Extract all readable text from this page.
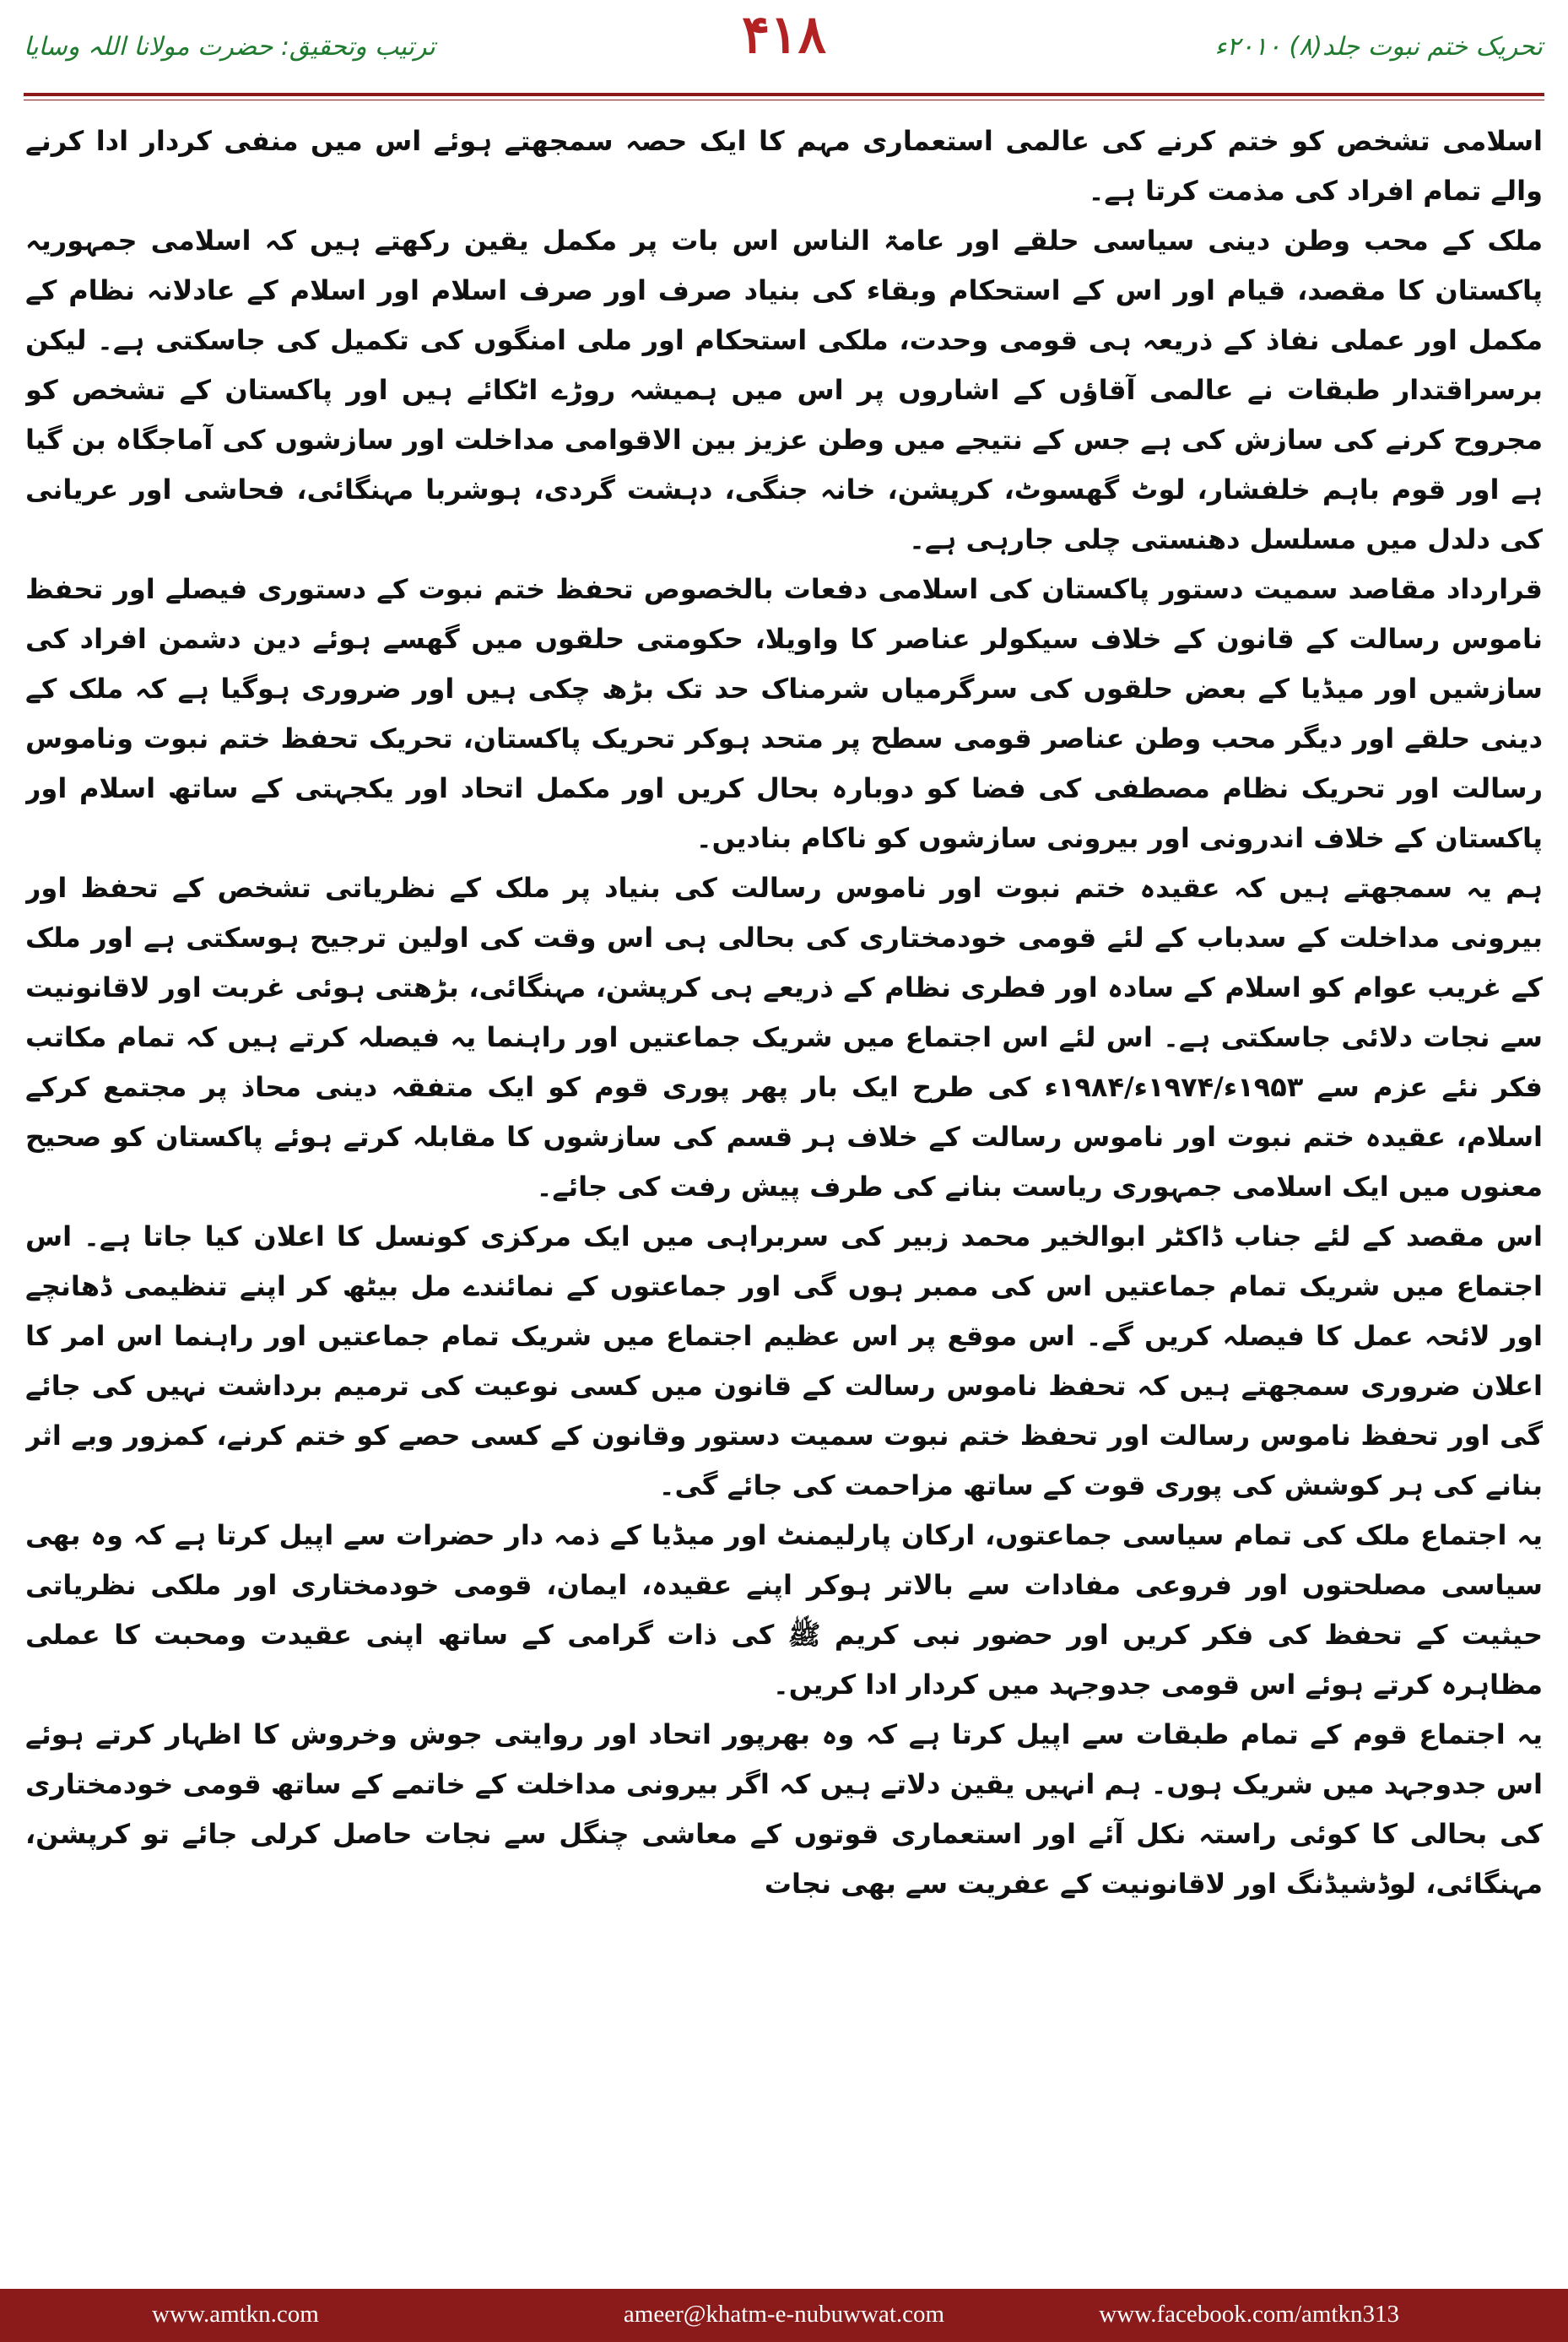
ترتیب وتحقیق: حضرت مولانا اللہ وسایا	۴۱۸	تحریک ختم نبوت جلد(۸) ۲۰۱۰ء

اسلامی تشخص کو ختم کرنے کی عالمی استعماری مہم کا ایک حصہ سمجھتے ہوئے اس میں منفی کردار ادا کرنے والے تمام افراد کی مذمت کرتا ہے۔

ملک کے محب وطن دینی سیاسی حلقے اور عامۃ الناس اس بات پر مکمل یقین رکھتے ہیں کہ اسلامی جمہوریہ پاکستان کا مقصد، قیام اور اس کے استحکام وبقاء کی بنیاد صرف اور صرف اسلام اور اسلام کے عادلانہ نظام کے مکمل اور عملی نفاذ کے ذریعہ ہی قومی وحدت، ملکی استحکام اور ملی امنگوں کی تکمیل کی جاسکتی ہے۔ لیکن برسراقتدار طبقات نے عالمی آقاؤں کے اشاروں پر اس میں ہمیشہ روڑے اٹکائے ہیں اور پاکستان کے تشخص کو مجروح کرنے کی سازش کی ہے جس کے نتیجے میں وطن عزیز بین الاقوامی مداخلت اور سازشوں کی آماجگاہ بن گیا ہے اور قوم باہم خلفشار، لوٹ گھسوٹ، کرپشن، خانہ جنگی، دہشت گردی، ہوشربا مہنگائی، فحاشی اور عریانی کی دلدل میں مسلسل دھنستی چلی جارہی ہے۔

قرارداد مقاصد سمیت دستور پاکستان کی اسلامی دفعات بالخصوص تحفظ ختم نبوت کے دستوری فیصلے اور تحفظ ناموس رسالت کے قانون کے خلاف سیکولر عناصر کا واویلا، حکومتی حلقوں میں گھسے ہوئے دین دشمن افراد کی سازشیں اور میڈیا کے بعض حلقوں کی سرگرمیاں شرمناک حد تک بڑھ چکی ہیں اور ضروری ہوگیا ہے کہ ملک کے دینی حلقے اور دیگر محب وطن عناصر قومی سطح پر متحد ہوکر تحریک پاکستان، تحریک تحفظ ختم نبوت وناموس رسالت اور تحریک نظام مصطفی کی فضا کو دوبارہ بحال کریں اور مکمل اتحاد اور یکجہتی کے ساتھ اسلام اور پاکستان کے خلاف اندرونی اور بیرونی سازشوں کو ناکام بنادیں۔

ہم یہ سمجھتے ہیں کہ عقیدہ ختم نبوت اور ناموس رسالت کی بنیاد پر ملک کے نظریاتی تشخص کے تحفظ اور بیرونی مداخلت کے سدباب کے لئے قومی خودمختاری کی بحالی ہی اس وقت کی اولین ترجیح ہوسکتی ہے اور ملک کے غریب عوام کو اسلام کے سادہ اور فطری نظام کے ذریعے ہی کرپشن، مہنگائی، بڑھتی ہوئی غربت اور لاقانونیت سے نجات دلائی جاسکتی ہے۔ اس لئے اس اجتماع میں شریک جماعتیں اور راہنما یہ فیصلہ کرتے ہیں کہ تمام مکاتب فکر نئے عزم سے ۱۹۵۳ء/۱۹۷۴ء/۱۹۸۴ء کی طرح ایک بار پھر پوری قوم کو ایک متفقہ دینی محاذ پر مجتمع کرکے اسلام، عقیدہ ختم نبوت اور ناموس رسالت کے خلاف ہر قسم کی سازشوں کا مقابلہ کرتے ہوئے پاکستان کو صحیح معنوں میں ایک اسلامی جمہوری ریاست بنانے کی طرف پیش رفت کی جائے۔

اس مقصد کے لئے جناب ڈاکٹر ابوالخیر محمد زبیر کی سربراہی میں ایک مرکزی کونسل کا اعلان کیا جاتا ہے۔ اس اجتماع میں شریک تمام جماعتیں اس کی ممبر ہوں گی اور جماعتوں کے نمائندے مل بیٹھ کر اپنے تنظیمی ڈھانچے اور لائحہ عمل کا فیصلہ کریں گے۔ اس موقع پر اس عظیم اجتماع میں شریک تمام جماعتیں اور راہنما اس امر کا اعلان ضروری سمجھتے ہیں کہ تحفظ ناموس رسالت کے قانون میں کسی نوعیت کی ترمیم برداشت نہیں کی جائے گی اور تحفظ ناموس رسالت اور تحفظ ختم نبوت سمیت دستور وقانون کے کسی حصے کو ختم کرنے، کمزور وبے اثر بنانے کی ہر کوشش کی پوری قوت کے ساتھ مزاحمت کی جائے گی۔

یہ اجتماع ملک کی تمام سیاسی جماعتوں، ارکان پارلیمنٹ اور میڈیا کے ذمہ دار حضرات سے اپیل کرتا ہے کہ وہ بھی سیاسی مصلحتوں اور فروعی مفادات سے بالاتر ہوکر اپنے عقیدہ، ایمان، قومی خودمختاری اور ملکی نظریاتی حیثیت کے تحفظ کی فکر کریں اور حضور نبی کریم ﷺ کی ذات گرامی کے ساتھ اپنی عقیدت ومحبت کا عملی مظاہرہ کرتے ہوئے اس قومی جدوجہد میں کردار ادا کریں۔

یہ اجتماع قوم کے تمام طبقات سے اپیل کرتا ہے کہ وہ بھرپور اتحاد اور روایتی جوش وخروش کا اظہار کرتے ہوئے اس جدوجہد میں شریک ہوں۔ ہم انہیں یقین دلاتے ہیں کہ اگر بیرونی مداخلت کے خاتمے کے ساتھ قومی خودمختاری کی بحالی کا کوئی راستہ نکل آئے اور استعماری قوتوں کے معاشی چنگل سے نجات حاصل کرلی جائے تو کرپشن، مہنگائی، لوڈشیڈنگ اور لاقانونیت کے عفریت سے بھی نجات

www.amtkn.com	ameer@khatm-e-nubuwwat.com	www.facebook.com/amtkn313
